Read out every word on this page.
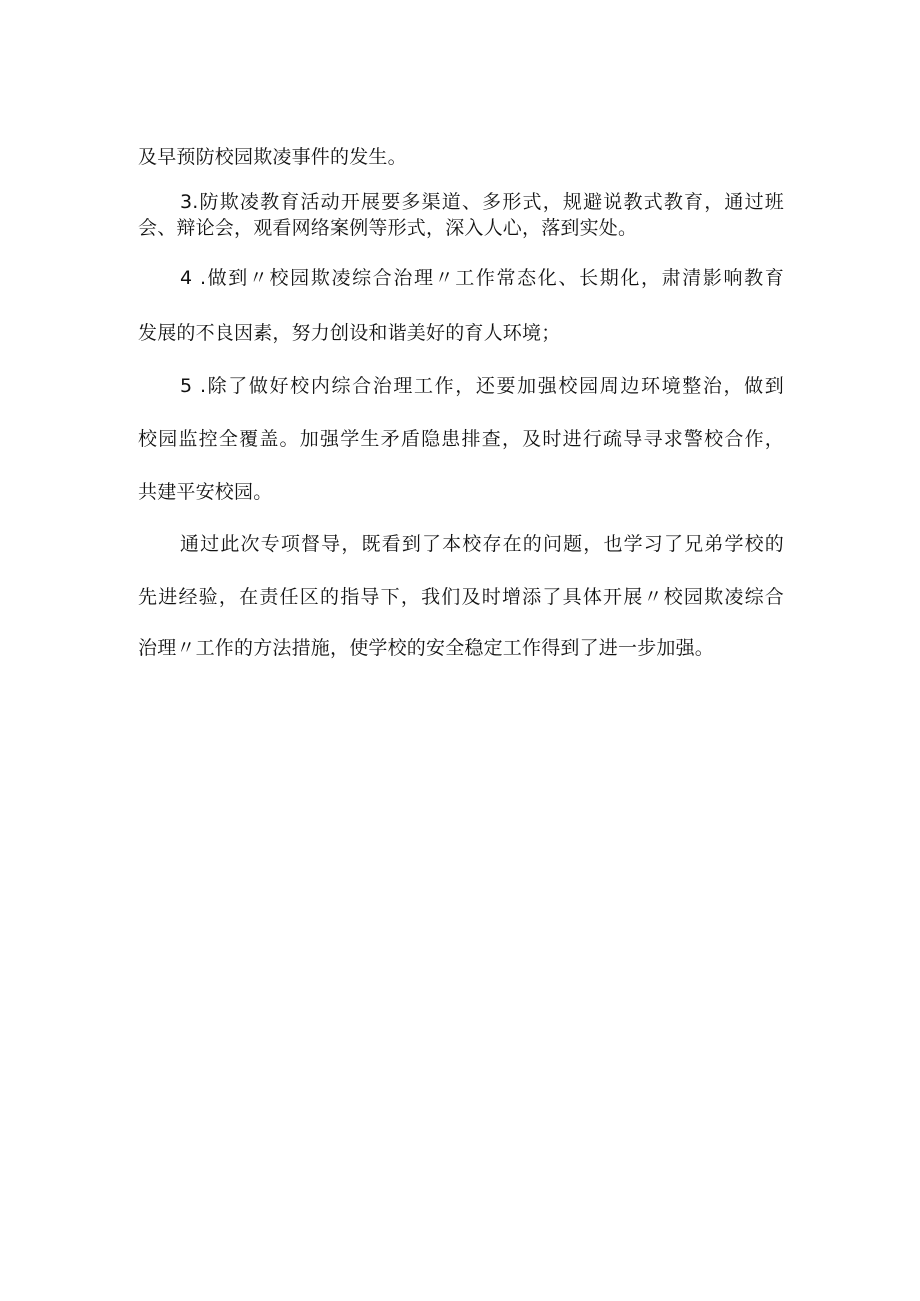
及早预防校园欺凌事件的发生。
3.防欺凌教育活动开展要多渠道、多形式，规避说教式教育，通过班
会、辩论会，观看网络案例等形式，深入人心，落到实处。
4 .做到〃校园欺凌综合治理〃工作常态化、长期化，肃清影响教育
发展的不良因素，努力创设和谐美好的育人环境；
5 .除了做好校内综合治理工作，还要加强校园周边环境整治，做到
校园监控全覆盖。加强学生矛盾隐患排查，及时进行疏导寻求警校合作，
共建平安校园。
通过此次专项督导，既看到了本校存在的问题，也学习了兄弟学校的
先进经验，在责任区的指导下，我们及时增添了具体开展〃校园欺凌综合
治理〃工作的方法措施，使学校的安全稳定工作得到了进一步加强。
